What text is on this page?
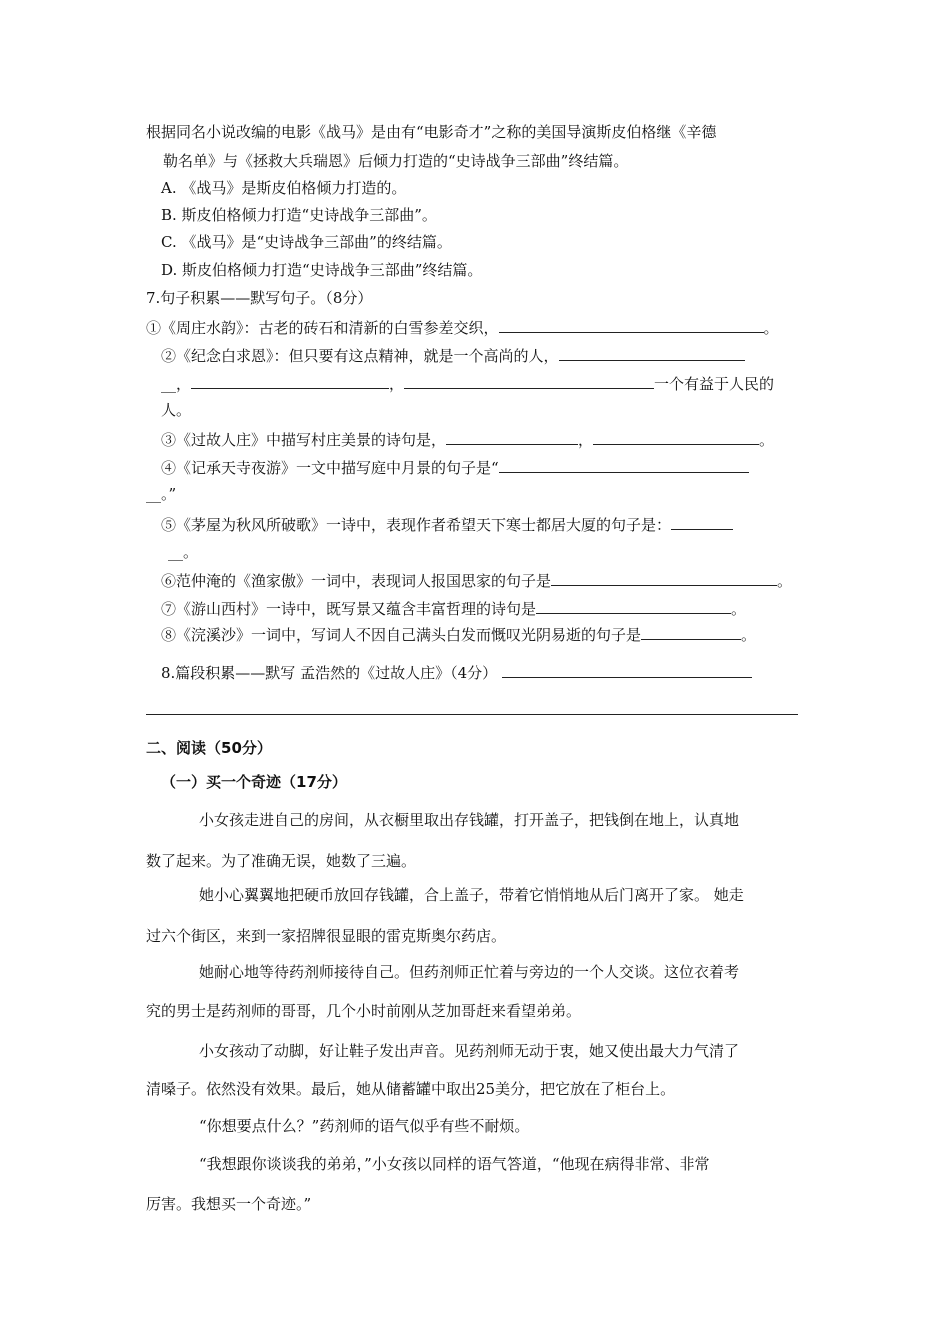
根据同名小说改编的电影《战马》是由有“电影奇才”之称的美国导演斯皮伯格继《辛德
勒名单》与《拯救大兵瑞恩》后倾力打造的“史诗战争三部曲”终结篇。
A. 《战马》是斯皮伯格倾力打造的。
B. 斯皮伯格倾力打造“史诗战争三部曲”。
C. 《战马》是“史诗战争三部曲”的终结篇。
D. 斯皮伯格倾力打造“史诗战争三部曲”终结篇。
7.句子积累——默写句子。（8分）
①《周庄水韵》：古老的砖石和清新的白雪参差交织，	。
②《纪念白求恩》：但只要有这点精神，就是一个高尚的人，
__，	，	一个有益于人民的
人。
③《过故人庄》中描写村庄美景的诗句是，	，	。
④《记承天寺夜游》一文中描写庭中月景的句子是“
__。”
⑤《茅屋为秋风所破歌》一诗中，表现作者希望天下寒士都居大厦的句子是：
__。
⑥范仲淹的《渔家傲》一词中，表现词人报国思家的句子是	。
⑦《游山西村》一诗中，既写景又蕴含丰富哲理的诗句是	。
⑧《浣溪沙》一词中，写词人不因自己满头白发而慨叹光阴易逝的句子是	。
8.篇段积累——默写 孟浩然的《过故人庄》（4分）
二、阅读（50分）
（一）买一个奇迹（17分）
小女孩走进自己的房间，从衣橱里取出存钱罐，打开盖子，把钱倒在地上，认真地
数了起来。为了准确无误，她数了三遍。
她小心翼翼地把硬币放回存钱罐，合上盖子，带着它悄悄地从后门离开了家。 她走
过六个街区，来到一家招牌很显眼的雷克斯奥尔药店。
她耐心地等待药剂师接待自己。但药剂师正忙着与旁边的一个人交谈。这位衣着考
究的男士是药剂师的哥哥，几个小时前刚从芝加哥赶来看望弟弟。
小女孩动了动脚，好让鞋子发出声音。见药剂师无动于衷，她又使出最大力气清了
清嗓子。依然没有效果。最后，她从储蓄罐中取出25美分，把它放在了柜台上。
“你想要点什么？”药剂师的语气似乎有些不耐烦。
“我想跟你谈谈我的弟弟，”小女孩以同样的语气答道，“他现在病得非常、非常
厉害。我想买一个奇迹。”
